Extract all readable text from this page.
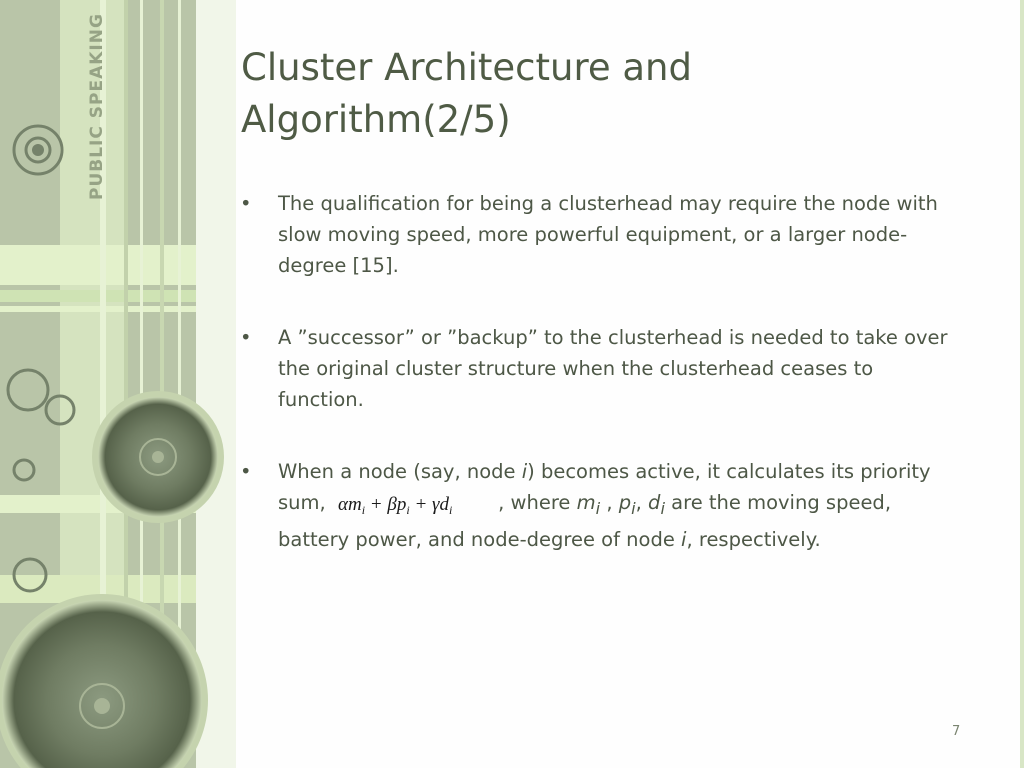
PUBLIC SPEAKING	Cluster Architecture and Algorithm(2/5)
• The qualification for being a clusterhead may require the node with slow moving speed, more powerful equipment, or a larger node-degree [15].
• A ”successor” or ”backup” to the clusterhead is needed to take over the original cluster structure when the clusterhead ceases to function.
• When a node (say, node i) becomes active, it calculates its priority sum, $\alpha m_i + \beta p_i + \gamma d_i$ , where $m_i$ , $p_i$, $d_i$ are the moving speed, battery power, and node-degree of node i, respectively.
7
